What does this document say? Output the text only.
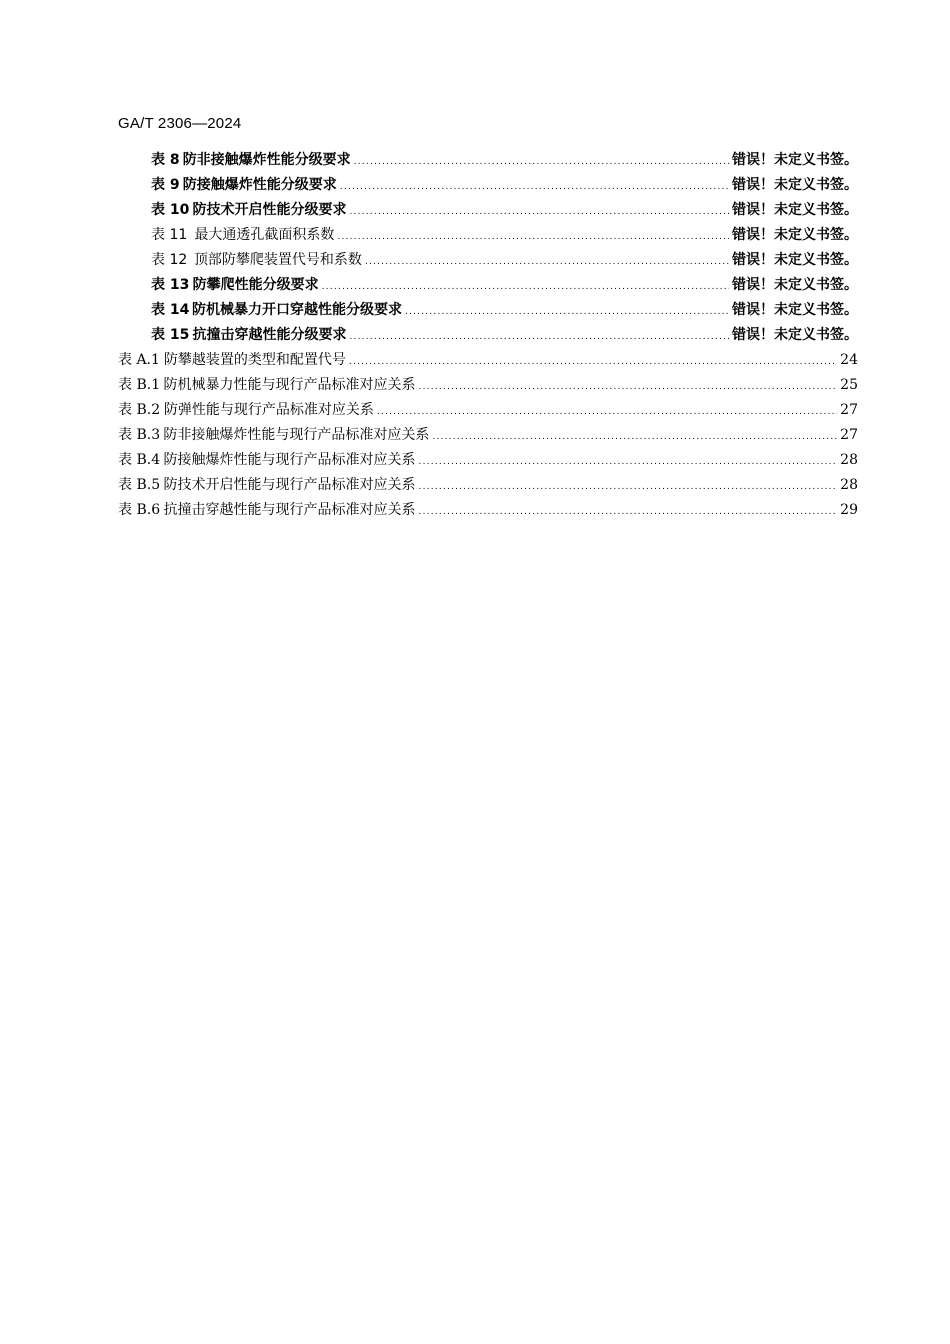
GA/T 2306—2024
表 8 防非接触爆炸性能分级要求 .....	错误！未定义书签。
表 9 防接触爆炸性能分级要求 .....	错误！未定义书签。
表 10 防技术开启性能分级要求 .....	错误！未定义书签。
表 11 最大通透孔截面积系数 .....	错误！未定义书签。
表 12 顶部防攀爬装置代号和系数 .....	错误！未定义书签。
表 13 防攀爬性能分级要求 .....	错误！未定义书签。
表 14 防机械暴力开口穿越性能分级要求 .....	错误！未定义书签。
表 15 抗撞击穿越性能分级要求 .....	错误！未定义书签。
表 A.1 防攀越装置的类型和配置代号 .....	24
表 B.1 防机械暴力性能与现行产品标准对应关系 .....	25
表 B.2 防弹性能与现行产品标准对应关系 .....	27
表 B.3 防非接触爆炸性能与现行产品标准对应关系 .....	27
表 B.4 防接触爆炸性能与现行产品标准对应关系 .....	28
表 B.5 防技术开启性能与现行产品标准对应关系 .....	28
表 B.6 抗撞击穿越性能与现行产品标准对应关系 .....	29
